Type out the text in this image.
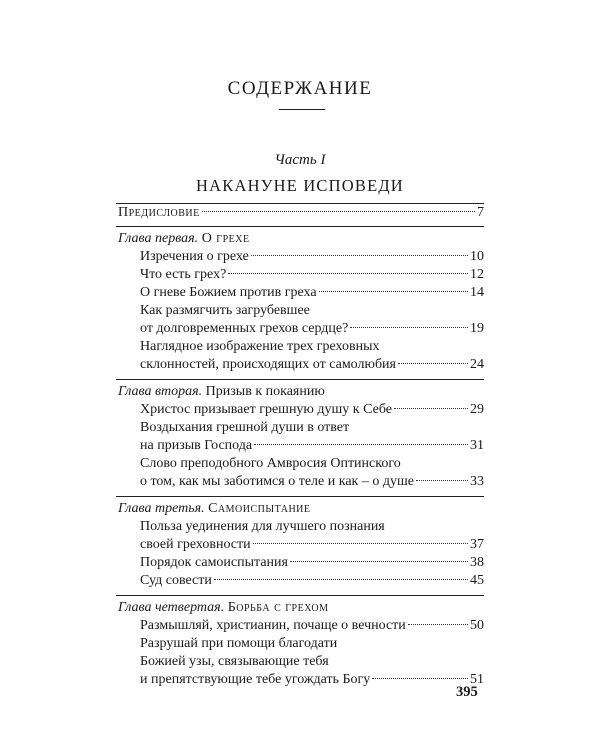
СОДЕРЖАНИЕ
Часть I
НАКАНУНЕ ИСПОВЕДИ
Предисловие	7
Глава первая. О грехе
Изречения о грехе	10
Что есть грех?	12
О гневе Божием против греха	14
Как размягчить загрубевшее
от долговременных грехов сердце?	19
Наглядное изображение трех греховных
склонностей, происходящих от самолюбия	24
Глава вторая. Призыв к покаянию
Христос призывает грешную душу к Себе	29
Воздыхания грешной души в ответ
на призыв Господа	31
Слово преподобного Амвросия Оптинского
о том, как мы заботимся о теле и как – о душе	33
Глава третья. Самоиспытание
Польза уединения для лучшего познания
своей греховности	37
Порядок самоиспытания	38
Суд совести	45
Глава четвертая. Борьба с грехом
Размышляй, христианин, почаще о вечности	50
Разрушай при помощи благодати
Божией узы, связывающие тебя
и препятствующие тебе угождать Богу	51
395
